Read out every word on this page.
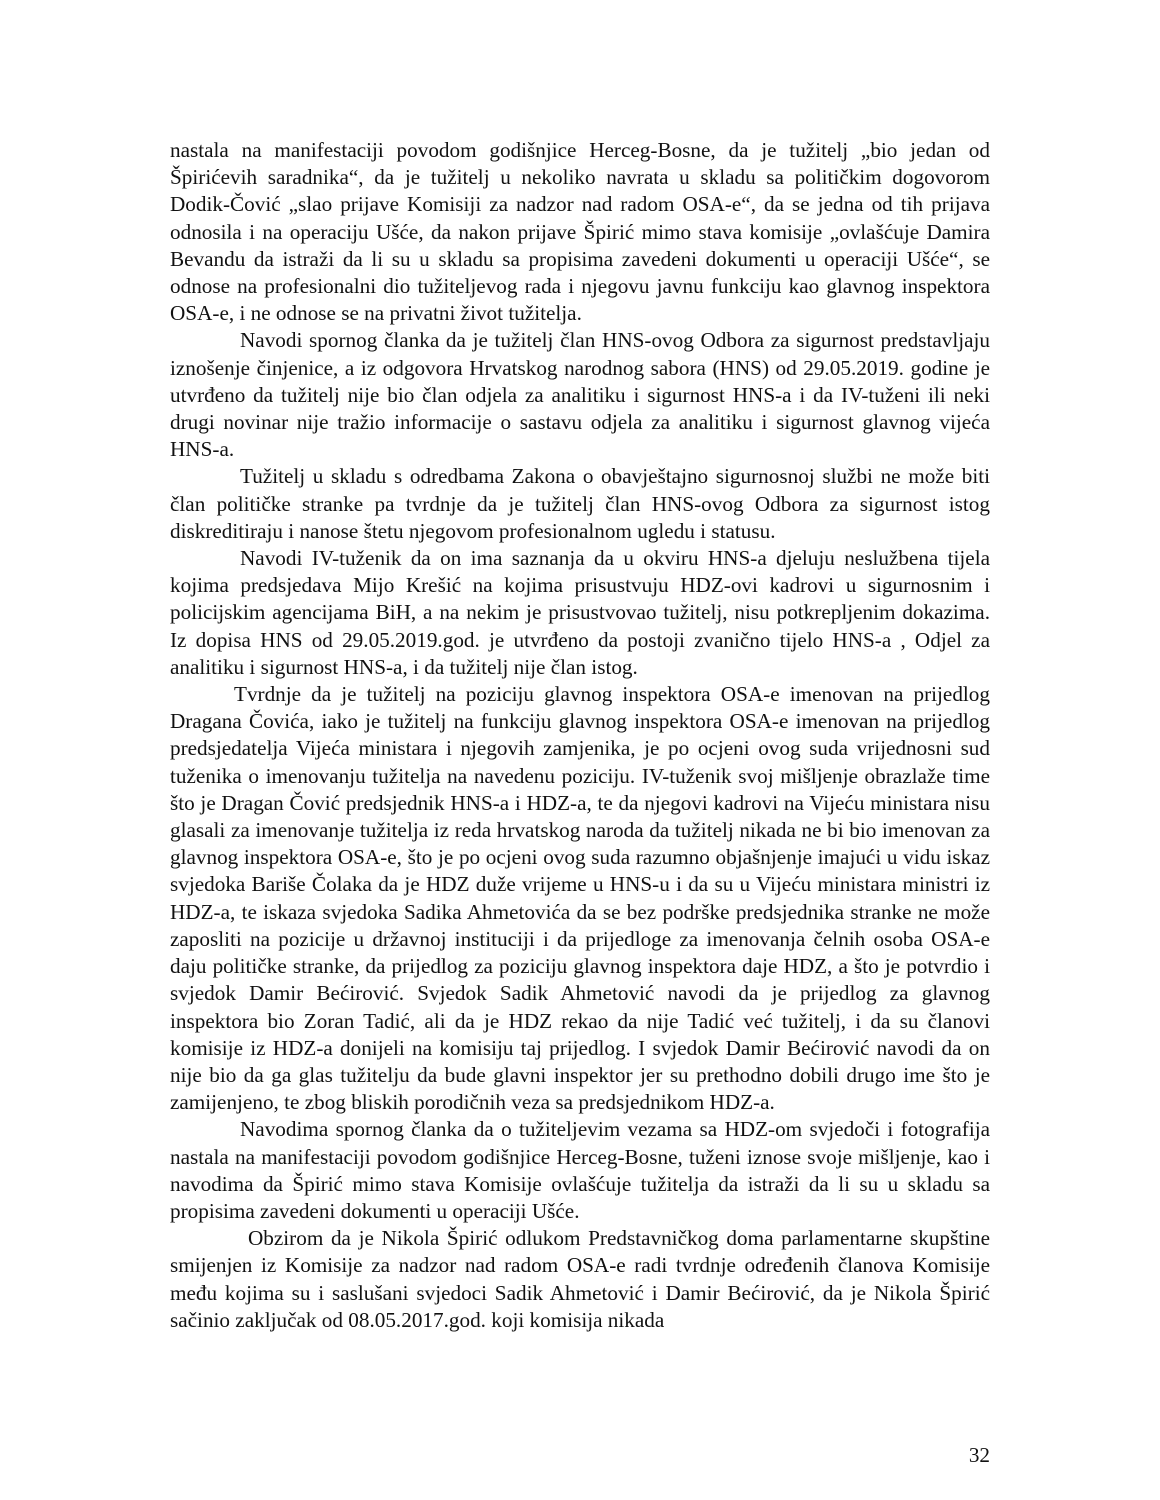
nastala na manifestaciji povodom godišnjice Herceg-Bosne, da je tužitelj „bio jedan od Špirićevih saradnika“, da je tužitelj u nekoliko navrata u skladu sa političkim dogovorom Dodik-Čović „slao prijave Komisiji za nadzor nad radom OSA-e“, da se jedna od tih prijava odnosila i na operaciju Ušće, da nakon prijave Špirić mimo stava komisije „ovlašćuje Damira Bevandu da istraži da li su u skladu sa propisima zavedeni dokumenti u operaciji Ušće“, se odnose na profesionalni dio tužiteljevog rada i njegovu javnu funkciju kao glavnog inspektora OSA-e, i ne odnose se na privatni život tužitelja.

Navodi spornog članka da je tužitelj član HNS-ovog Odbora za sigurnost predstavljaju iznošenje činjenice, a iz odgovora Hrvatskog narodnog sabora (HNS) od 29.05.2019. godine je utvrđeno da tužitelj nije bio član odjela za analitiku i sigurnost HNS-a i da IV-tuženi ili neki drugi novinar nije tražio informacije o sastavu odjela za analitiku i sigurnost glavnog vijeća HNS-a.

Tužitelj u skladu s odredbama Zakona o obavještajno sigurnosnoj službi ne može biti član političke stranke pa tvrdnje da je tužitelj član HNS-ovog Odbora za sigurnost istog diskreditiraju i nanose štetu njegovom profesionalnom ugledu i statusu.

Navodi IV-tuženik da on ima saznanja da u okviru HNS-a djeluju neslužbena tijela kojima predsjedava Mijo Krešić na kojima prisustvuju HDZ-ovi kadrovi u sigurnosnim i policijskim agencijama BiH, a na nekim je prisustvovao tužitelj, nisu potkrepljenim dokazima. Iz dopisa HNS od 29.05.2019.god. je utvrđeno da postoji zvanično tijelo HNS-a , Odjel za analitiku i sigurnost HNS-a, i da tužitelj nije član istog.

Tvrdnje da je tužitelj na poziciju glavnog inspektora OSA-e imenovan na prijedlog Dragana Čovića, iako je tužitelj na funkciju glavnog inspektora OSA-e imenovan na prijedlog predsjedatelja Vijeća ministara i njegovih zamjenika, je po ocjeni ovog suda vrijednosni sud tuženika o imenovanju tužitelja na navedenu poziciju. IV-tuženik svoj mišljenje obrazlaže time što je Dragan Čović predsjednik HNS-a i HDZ-a, te da njegovi kadrovi na Vijeću ministara nisu glasali za imenovanje tužitelja iz reda hrvatskog naroda da tužitelj nikada ne bi bio imenovan za glavnog inspektora OSA-e, što je po ocjeni ovog suda razumno objašnjenje imajući u vidu iskaz svjedoka Bariše Čolaka da je HDZ duže vrijeme u HNS-u i da su u Vijeću ministara ministri iz HDZ-a, te iskaza svjedoka Sadika Ahmetovića da se bez podrške predsjednika stranke ne može zaposliti na pozicije u državnoj instituciji i da prijedloge za imenovanja čelnih osoba OSA-e daju političke stranke, da prijedlog za poziciju glavnog inspektora daje HDZ, a što je potvrdio i svjedok Damir Bećirović. Svjedok Sadik Ahmetović navodi da je prijedlog za glavnog inspektora bio Zoran Tadić, ali da je HDZ rekao da nije Tadić već tužitelj, i da su članovi komisije iz HDZ-a donijeli na komisiju taj prijedlog. I svjedok Damir Bećirović navodi da on nije bio da ga glas tužitelju da bude glavni inspektor jer su prethodno dobili drugo ime što je zamijenjeno, te zbog bliskih porodičnih veza sa predsjednikom HDZ-a.

Navodima spornog članka da o tužiteljevim vezama sa HDZ-om svjedoči i fotografija nastala na manifestaciji povodom godišnjice Herceg-Bosne, tuženi iznose svoje mišljenje, kao i navodima da Špirić mimo stava Komisije ovlašćuje tužitelja da istraži da li su u skladu sa propisima zavedeni dokumenti u operaciji Ušće.

Obzirom da je Nikola Špirić odlukom Predstavničkog doma parlamentarne skupštine smijenjen iz Komisije za nadzor nad radom OSA-e radi tvrdnje određenih članova Komisije među kojima su i saslušani svjedoci Sadik Ahmetović i Damir Bećirović, da je Nikola Špirić sačinio zaključak od 08.05.2017.god. koji komisija nikada

32
